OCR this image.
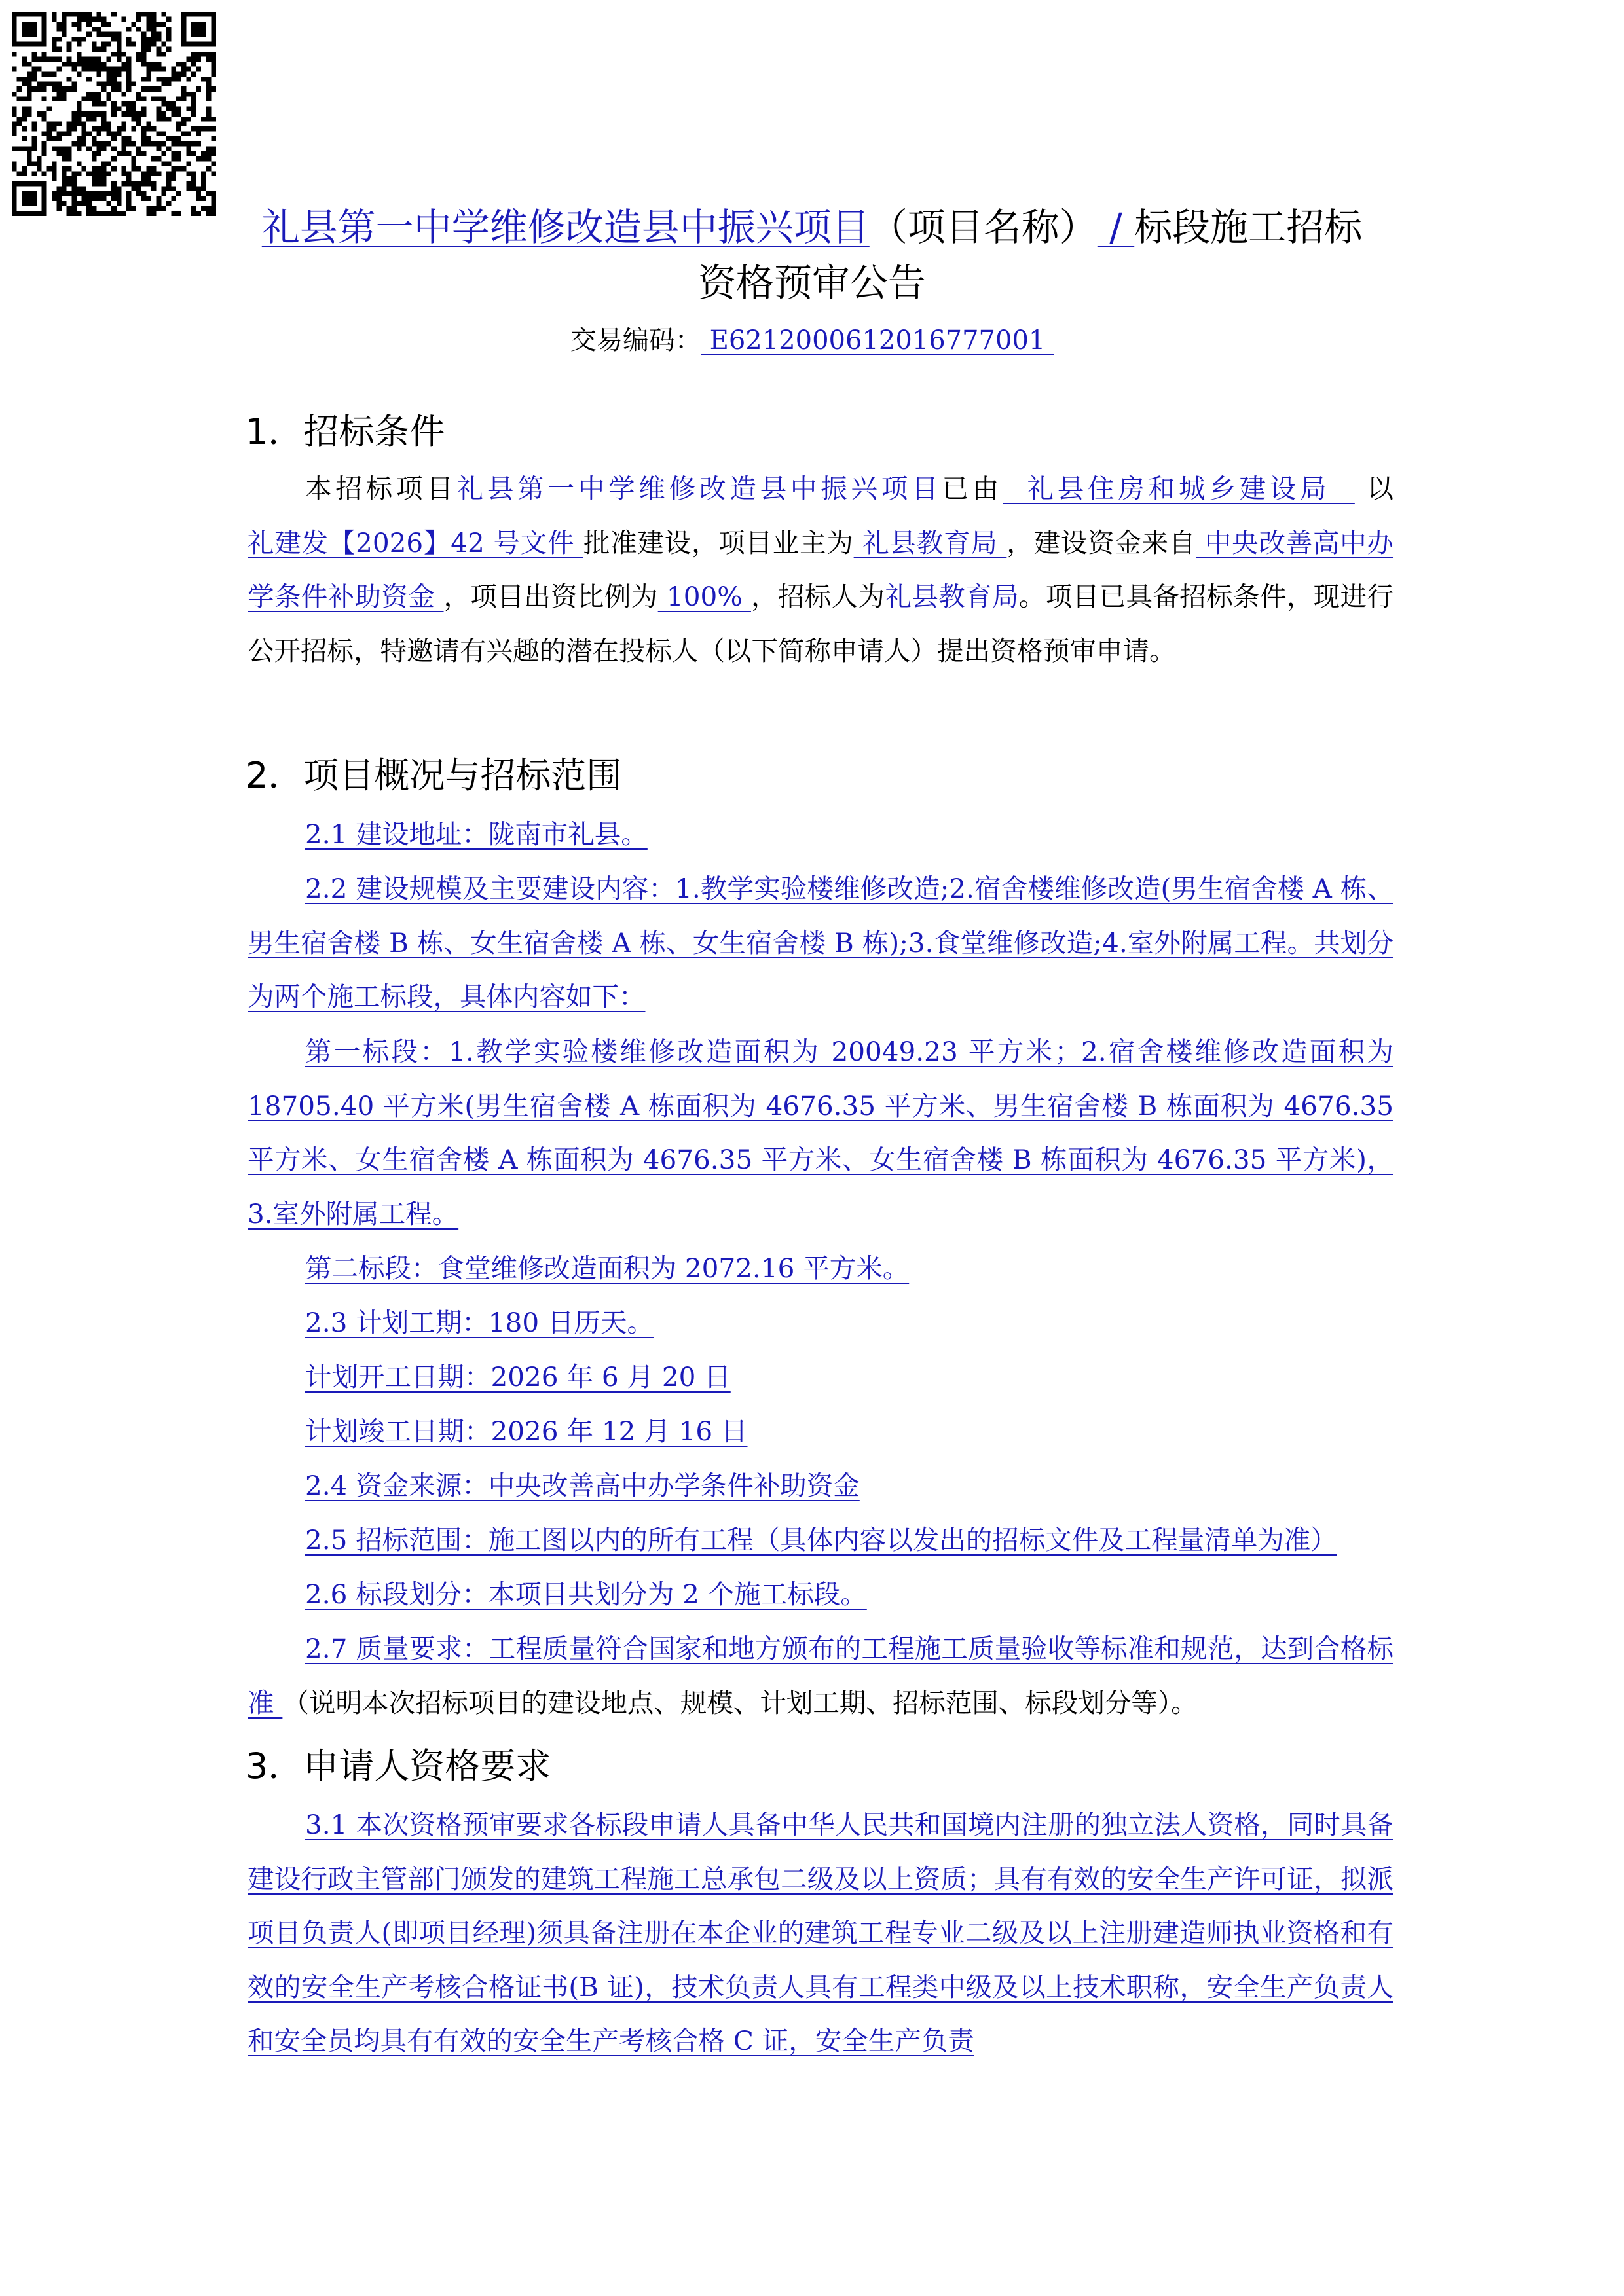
礼县第一中学维修改造县中振兴项目（项目名称） / 标段施工招标
资格预审公告
交易编码： E6212000612016777001
1．招标条件
本招标项目礼县第一中学维修改造县中振兴项目已由  礼县住房和城乡建设局   以礼建发【2026】42 号文件 批准建设，项目业主为 礼县教育局 ，建设资金来自 中央改善高中办学条件补助资金 ，项目出资比例为 100% ，招标人为礼县教育局。项目已具备招标条件，现进行公开招标，特邀请有兴趣的潜在投标人（以下简称申请人）提出资格预审申请。
2．项目概况与招标范围
2.1 建设地址：陇南市礼县。
2.2 建设规模及主要建设内容：1.教学实验楼维修改造;2.宿舍楼维修改造(男生宿舍楼 A 栋、男生宿舍楼 B 栋、女生宿舍楼 A 栋、女生宿舍楼 B 栋);3.食堂维修改造;4.室外附属工程。共划分为两个施工标段，具体内容如下：
第一标段：1.教学实验楼维修改造面积为 20049.23 平方米；2.宿舍楼维修改造面积为 18705.40 平方米(男生宿舍楼 A 栋面积为 4676.35 平方米、男生宿舍楼 B 栋面积为 4676.35 平方米、女生宿舍楼 A 栋面积为 4676.35 平方米、女生宿舍楼 B 栋面积为 4676.35 平方米)，3.室外附属工程。
第二标段：食堂维修改造面积为 2072.16 平方米。
2.3 计划工期：180 日历天。
计划开工日期：2026 年 6 月 20 日
计划竣工日期：2026 年 12 月 16 日
2.4 资金来源：中央改善高中办学条件补助资金
2.5 招标范围：施工图以内的所有工程（具体内容以发出的招标文件及工程量清单为准）
2.6 标段划分：本项目共划分为 2 个施工标段。
2.7 质量要求：工程质量符合国家和地方颁布的工程施工质量验收等标准和规范，达到合格标准 （说明本次招标项目的建设地点、规模、计划工期、招标范围、标段划分等）。
3．申请人资格要求
3.1 本次资格预审要求各标段申请人具备中华人民共和国境内注册的独立法人资格，同时具备建设行政主管部门颁发的建筑工程施工总承包二级及以上资质；具有有效的安全生产许可证，拟派项目负责人(即项目经理)须具备注册在本企业的建筑工程专业二级及以上注册建造师执业资格和有效的安全生产考核合格证书(B 证)，技术负责人具有工程类中级及以上技术职称，安全生产负责人和安全员均具有有效的安全生产考核合格 C 证，安全生产负责
